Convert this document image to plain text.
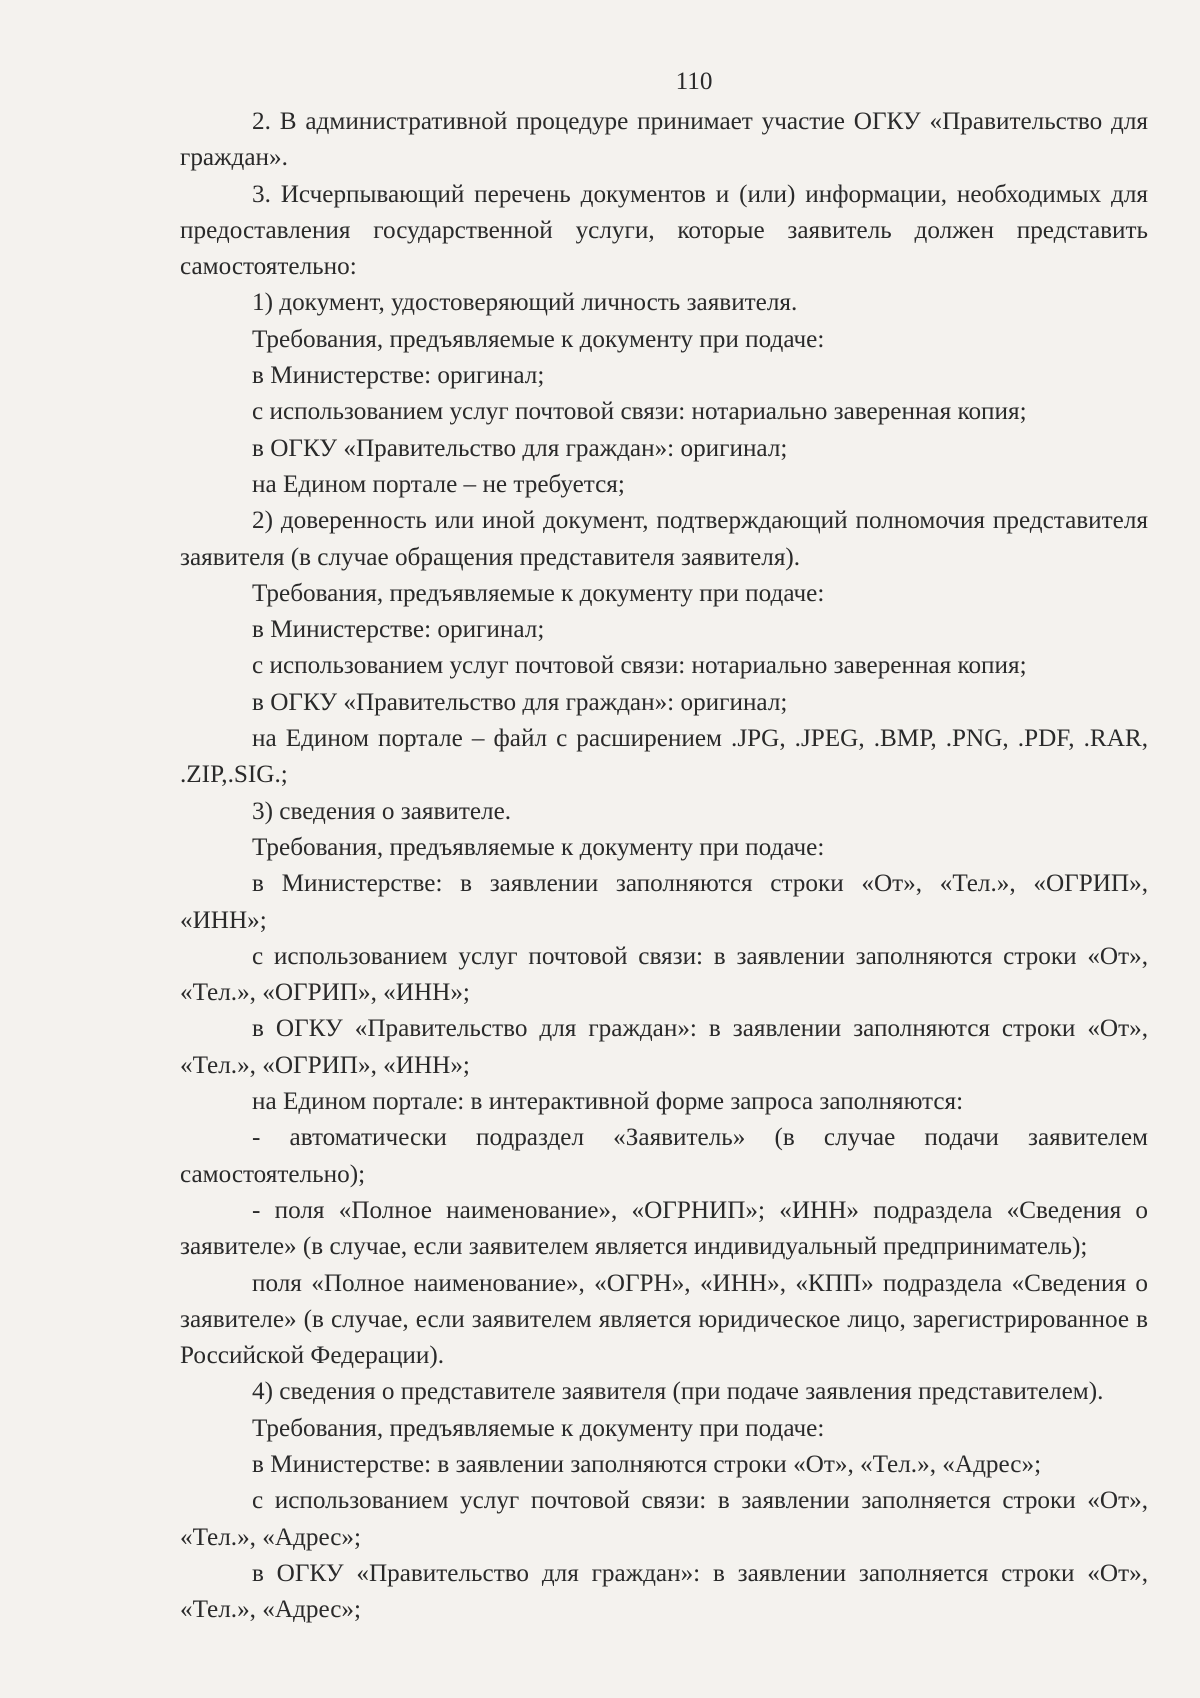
110

2. В административной процедуре принимает участие ОГКУ «Правительство для граждан».

3. Исчерпывающий перечень документов и (или) информации, необходимых для предоставления государственной услуги, которые заявитель должен представить самостоятельно:

1) документ, удостоверяющий личность заявителя.

Требования, предъявляемые к документу при подаче:

в Министерстве: оригинал;

с использованием услуг почтовой связи: нотариально заверенная копия;

в ОГКУ «Правительство для граждан»: оригинал;

на Едином портале – не требуется;

2) доверенность или иной документ, подтверждающий полномочия представителя заявителя (в случае обращения представителя заявителя).

Требования, предъявляемые к документу при подаче:

в Министерстве: оригинал;

с использованием услуг почтовой связи: нотариально заверенная копия;

в ОГКУ «Правительство для граждан»: оригинал;

на Едином портале – файл с расширением .JPG, .JPEG, .BMP, .PNG, .PDF, .RAR, .ZIP,.SIG.;

3) сведения о заявителе.

Требования, предъявляемые к документу при подаче:

в Министерстве: в заявлении заполняются строки «От», «Тел.», «ОГРИП», «ИНН»;

с использованием услуг почтовой связи: в заявлении заполняются строки «От», «Тел.», «ОГРИП», «ИНН»;

в ОГКУ «Правительство для граждан»: в заявлении заполняются строки «От», «Тел.», «ОГРИП», «ИНН»;

на Едином портале: в интерактивной форме запроса заполняются:

- автоматически подраздел «Заявитель» (в случае подачи заявителем самостоятельно);

- поля «Полное наименование», «ОГРНИП»; «ИНН» подраздела «Сведения о заявителе» (в случае, если заявителем является индивидуальный предприниматель);

поля «Полное наименование», «ОГРН», «ИНН», «КПП» подраздела «Сведения о заявителе» (в случае, если заявителем является юридическое лицо, зарегистрированное в Российской Федерации).

4) сведения о представителе заявителя (при подаче заявления представителем).

Требования, предъявляемые к документу при подаче:

в Министерстве: в заявлении заполняются строки «От», «Тел.», «Адрес»;

с использованием услуг почтовой связи: в заявлении заполняется строки «От», «Тел.», «Адрес»;

в ОГКУ «Правительство для граждан»: в заявлении заполняется строки «От», «Тел.», «Адрес»;
